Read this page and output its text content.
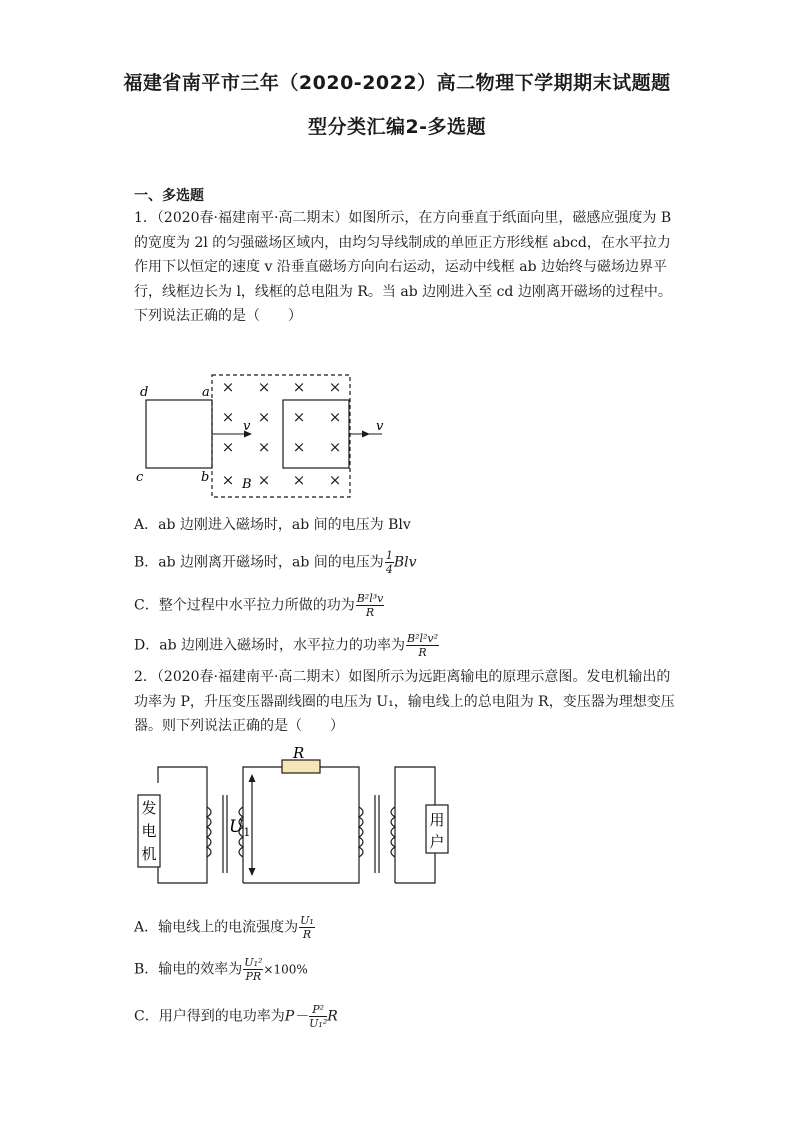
福建省南平市三年（2020-2022）高二物理下学期期末试题题
型分类汇编2-多选题
一、多选题
1．（2020春·福建南平·高二期末）如图所示，在方向垂直于纸面向里，磁感应强度为 B
的宽度为 2l 的匀强磁场区域内，由均匀导线制成的单匝正方形线框 abcd，在水平拉力
作用下以恒定的速度 v 沿垂直磁场方向向右运动，运动中线框 ab 边始终与磁场边界平
行，线框边长为 l，线框的总电阻为 R。当 ab 边刚进入至 cd 边刚离开磁场的过程中。
下列说法正确的是（　　）
d	a
c	b
v	v
B
× × × ×
×	× ×
× × × ×
× × × ×
×
A．ab 边刚进入磁场时，ab 间的电压为 Blv
B．ab 边刚离开磁场时，ab 间的电压为 $\frac{1}{4}$ Blv
C．整个过程中水平拉力所做的功为 $\frac{\text{B²l³v}}{R}$
D．ab 边刚进入磁场时，水平拉力的功率为 $\frac{\text{B²l²v²}}{R}$
2．（2020春·福建南平·高二期末）如图所示为远距离输电的原理示意图。发电机输出的
功率为 P，升压变压器副线圈的电压为 U₁，输电线上的总电阻为 R，变压器为理想变压
器。则下列说法正确的是（　　）
R
$U_1$
发
电
机
用
户
A．输电线上的电流强度为 $\frac{\text{U₁}}{R}$
B．输电的效率为 $\frac{\text{U₁²}}{PR} \times 100\%$
C．用户得到的电功率为$P- \frac{\text{P²}}{\text{U₁²}}$ R
